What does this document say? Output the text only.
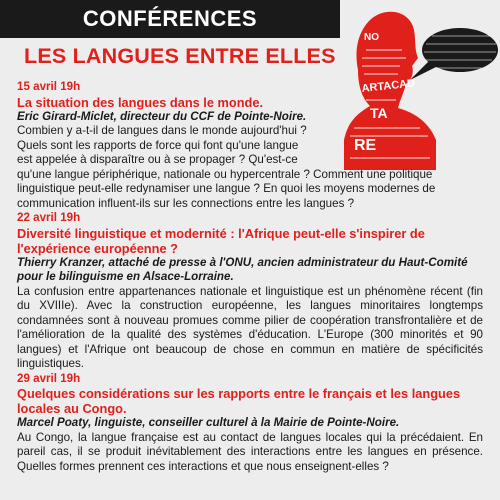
CONFÉRENCES
LES LANGUES ENTRE ELLES
NO
ARTACAD
TA
RE
15 avril 19h
La situation des langues dans le monde.
Eric Girard-Miclet, directeur du CCF de Pointe-Noire.
Combien y a-t-il de langues dans le monde aujourd'hui ?
Quels sont les rapports de force qui font qu'une langue
est appelée à disparaître ou à se propager ? Qu'est-ce

qu'une langue périphérique, nationale ou hypercentrale ? Comment une politique linguistique peut-elle redynamiser une langue ? En quoi les moyens modernes de communication influent-ils sur les connections entre les langues ?

22 avril 19h
Diversité linguistique et modernité : l'Afrique peut-elle s'inspirer de l'expérience européenne ?
Thierry Kranzer, attaché de presse à l'ONU, ancien administrateur du Haut-Comité pour le bilinguisme en Alsace-Lorraine.

La confusion entre appartenances nationale et linguistique est un phénomène récent (fin du XVIIIe). Avec la construction européenne, les langues minoritaires longtemps condamnées sont à nouveau promues comme pilier de coopération transfrontalière et de l'amélioration de la qualité des systèmes d'éducation. L'Europe (300 minorités et 90 langues) et l'Afrique ont beaucoup de chose en commun en matière de spécificités linguistiques.

29 avril 19h
Quelques considérations sur les rapports entre le français et les langues locales au Congo.
Marcel Poaty, linguiste, conseiller culturel à la Mairie de Pointe-Noire.

Au Congo, la langue française est au contact de langues locales qui la précédaient. En pareil cas, il se produit inévitablement des interactions entre les langues en présence. Quelles formes prennent ces interactions et que nous enseignent-elles ?
